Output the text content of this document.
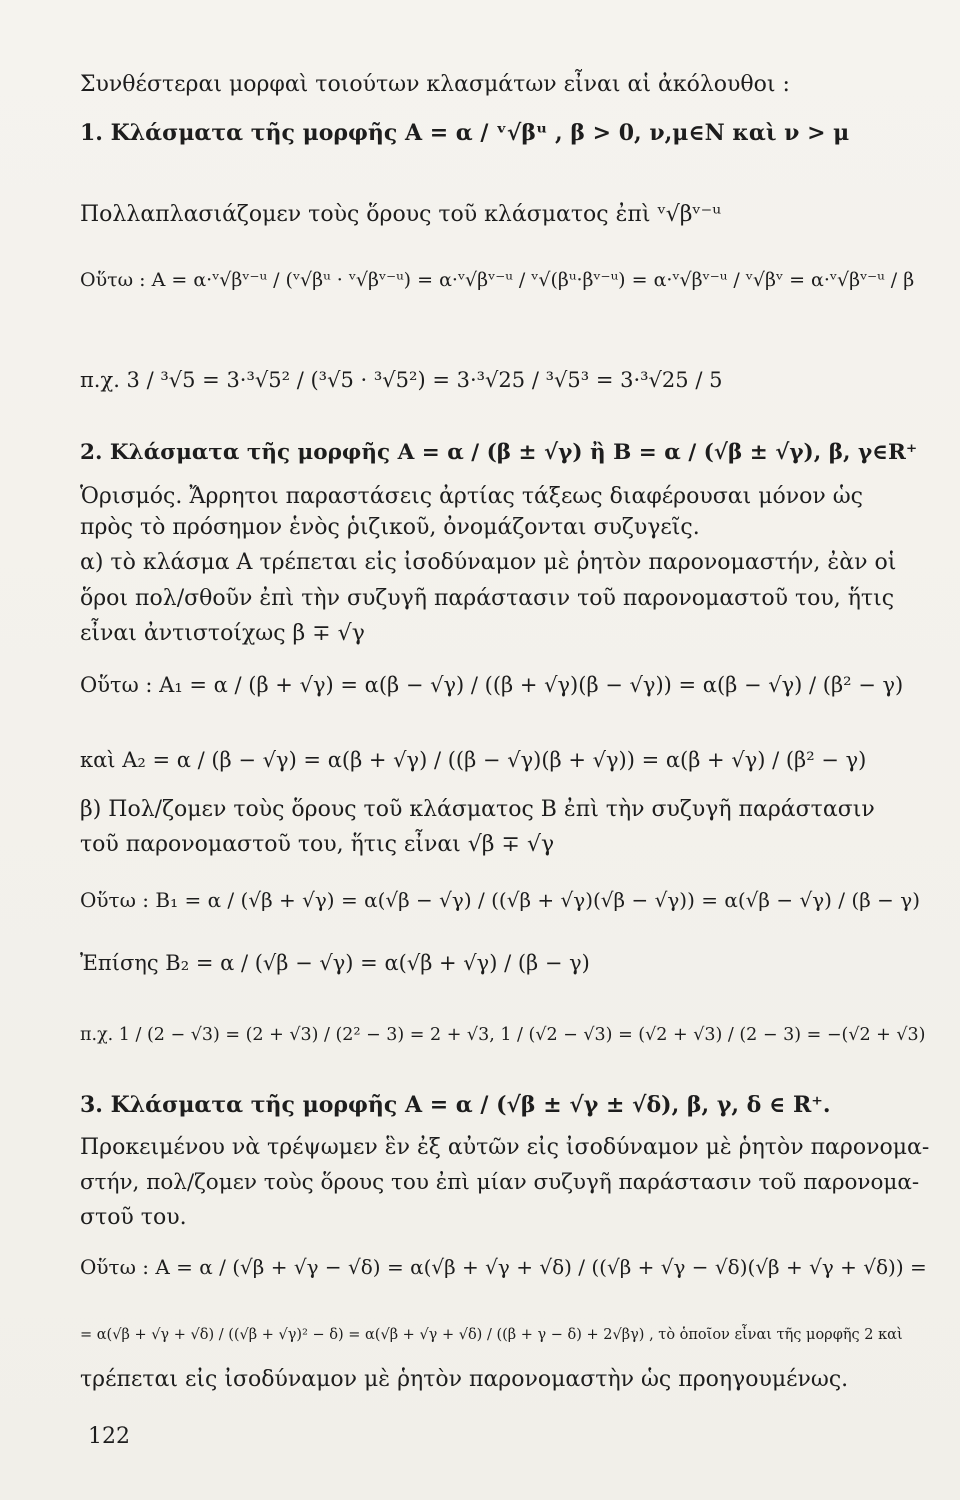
Συνθέστεραι μορφαὶ τοιούτων κλασμάτων εἶναι αἱ ἀκόλουθοι :
1. Κλάσματα τῆς μορφῆς Α = α / ᵛ√βᵘ , β > 0, ν,μ∈N καὶ ν > μ
Πολλαπλασιάζομεν τοὺς ὅρους τοῦ κλάσματος ἐπὶ ᵛ√βᵛ⁻ᵘ
Οὕτω : Α = α·ᵛ√βᵛ⁻ᵘ / (ᵛ√βᵘ · ᵛ√βᵛ⁻ᵘ) = α·ᵛ√βᵛ⁻ᵘ / ᵛ√(βᵘ·βᵛ⁻ᵘ) = α·ᵛ√βᵛ⁻ᵘ / ᵛ√βᵛ = α·ᵛ√βᵛ⁻ᵘ / β
π.χ. 3 / ³√5 = 3·³√5² / (³√5 · ³√5²) = 3·³√25 / ³√5³ = 3·³√25 / 5
2. Κλάσματα τῆς μορφῆς Α = α / (β ± √γ) ἢ Β = α / (√β ± √γ), β, γ∈R⁺
Ὁρισμός. Ἄρρητοι παραστάσεις ἀρτίας τάξεως διαφέρουσαι μόνον ὡς
πρὸς τὸ πρόσημον ἑνὸς ῥιζικοῦ, ὀνομάζονται συζυγεῖς.
α) τὸ κλάσμα Α τρέπεται εἰς ἰσοδύναμον μὲ ῥητὸν παρονομαστήν, ἐὰν οἱ
ὅροι πολ/σθοῦν ἐπὶ τὴν συζυγῆ παράστασιν τοῦ παρονομαστοῦ του, ἥτις
εἶναι ἀντιστοίχως β ∓ √γ
Οὕτω : Α₁ = α / (β + √γ) = α(β − √γ) / ((β + √γ)(β − √γ)) = α(β − √γ) / (β² − γ)
καὶ Α₂ = α / (β − √γ) = α(β + √γ) / ((β − √γ)(β + √γ)) = α(β + √γ) / (β² − γ)
β) Πολ/ζομεν τοὺς ὅρους τοῦ κλάσματος Β ἐπὶ τὴν συζυγῆ παράστασιν
τοῦ παρονομαστοῦ του, ἥτις εἶναι √β ∓ √γ
Οὕτω : Β₁ = α / (√β + √γ) = α(√β − √γ) / ((√β + √γ)(√β − √γ)) = α(√β − √γ) / (β − γ)
Ἐπίσης Β₂ = α / (√β − √γ) = α(√β + √γ) / (β − γ)
π.χ. 1 / (2 − √3) = (2 + √3) / (2² − 3) = 2 + √3, 1 / (√2 − √3) = (√2 + √3) / (2 − 3) = −(√2 + √3)
3. Κλάσματα τῆς μορφῆς Α = α / (√β ± √γ ± √δ), β, γ, δ ∈ R⁺.
Προκειμένου νὰ τρέψωμεν ἓν ἐξ αὐτῶν εἰς ἰσοδύναμον μὲ ῥητὸν παρονομα-
στήν, πολ/ζομεν τοὺς ὅρους του ἐπὶ μίαν συζυγῆ παράστασιν τοῦ παρονομα-
στοῦ του.
Οὕτω : Α = α / (√β + √γ − √δ) = α(√β + √γ + √δ) / ((√β + √γ − √δ)(√β + √γ + √δ)) =
= α(√β + √γ + √δ) / ((√β + √γ)² − δ) = α(√β + √γ + √δ) / ((β + γ − δ) + 2√βγ) , τὸ ὁποῖον εἶναι τῆς μορφῆς 2 καὶ
τρέπεται εἰς ἰσοδύναμον μὲ ῥητὸν παρονομαστὴν ὡς προηγουμένως.
122
